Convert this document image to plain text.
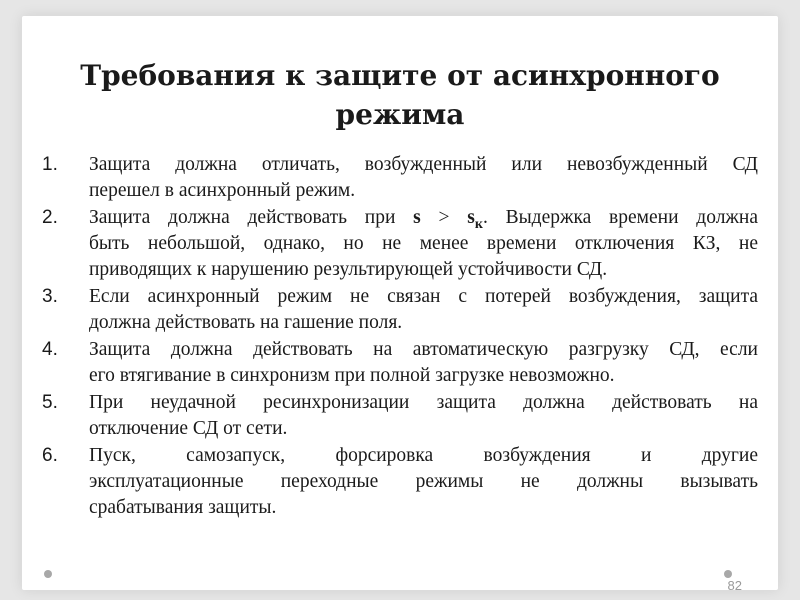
Требования к защите от асинхронного
режима
1. Защита должна отличать, возбужденный или невозбужденный СД
перешел в асинхронный режим.
2. Защита должна действовать при $s > s_к$. Выдержка времени должна
быть небольшой, однако, но не менее времени отключения КЗ, не
приводящих к нарушению результирующей устойчивости СД.
3. Если асинхронный режим не связан с потерей возбуждения, защита
должна действовать на гашение поля.
4. Защита должна действовать на автоматическую разгрузку СД, если
его втягивание в синхронизм при полной загрузке невозможно.
5. При неудачной ресинхронизации защита должна действовать на
отключение СД от сети.
6. Пуск, самозапуск, форсировка возбуждения и другие
эксплуатационные переходные режимы не должны вызывать
срабатывания защиты.
82
